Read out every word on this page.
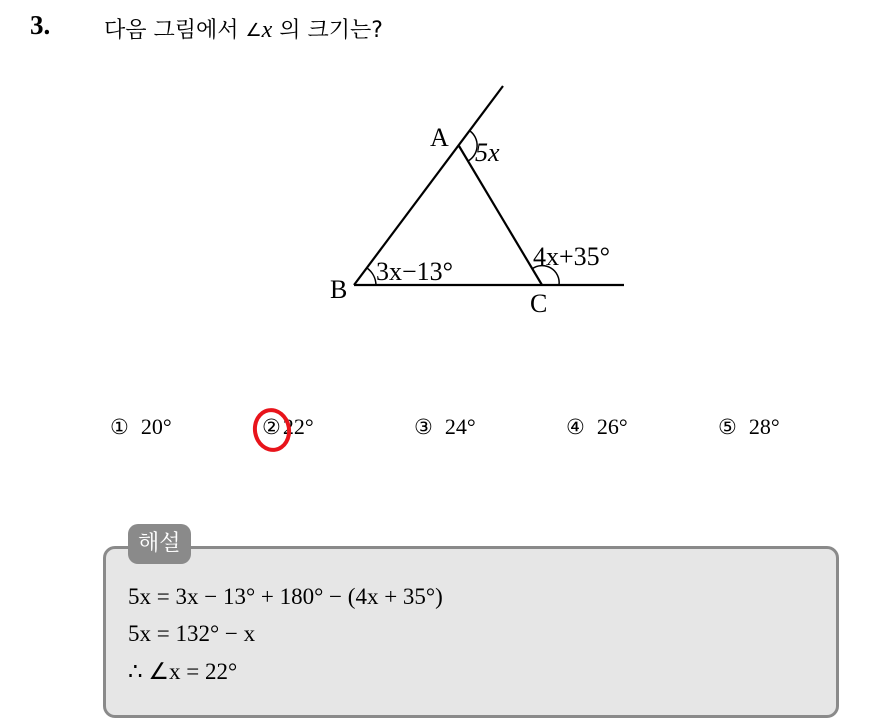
3. 다음 그림에서 ∠x 의 크기는?
A
B	C
5x
3x−13°
4x+35°
① 20°	② 22°	③ 24°	④ 26°	⑤ 28°
해설
5x = 3x − 13° + 180° − (4x + 35°)
5x = 132° − x
∴ ∠x = 22°
